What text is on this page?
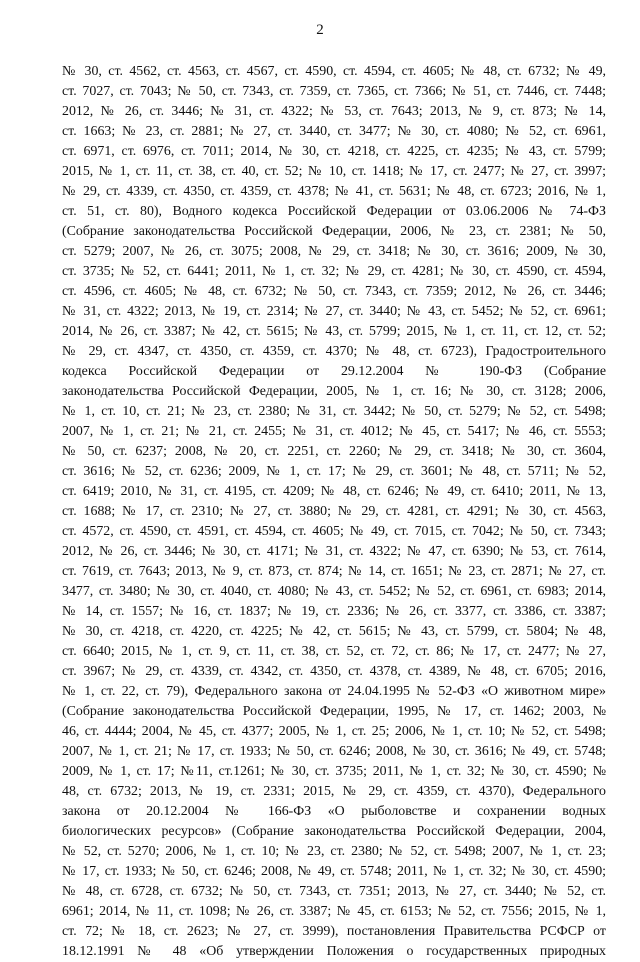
2
№ 30, ст. 4562, ст. 4563, ст. 4567, ст. 4590, ст. 4594, ст. 4605; № 48, ст. 6732; № 49,
ст. 7027, ст. 7043; № 50, ст. 7343, ст. 7359, ст. 7365, ст. 7366; № 51, ст. 7446, ст. 7448;
2012, № 26, ст. 3446; № 31, ст. 4322; № 53, ст. 7643; 2013, № 9, ст. 873; № 14,
ст. 1663; № 23, ст. 2881; № 27, ст. 3440, ст. 3477; № 30, ст. 4080; № 52, ст. 6961,
ст. 6971, ст. 6976, ст. 7011; 2014, № 30, ст. 4218, ст. 4225, ст. 4235; № 43, ст. 5799;
2015, № 1, ст. 11, ст. 38, ст. 40, ст. 52; № 10, ст. 1418; № 17, ст. 2477; № 27, ст. 3997;
№ 29, ст. 4339, ст. 4350, ст. 4359, ст. 4378; № 41, ст. 5631; № 48, ст. 6723; 2016, № 1,
ст. 51, ст. 80), Водного кодекса Российской Федерации от 03.06.2006 № 74-ФЗ
(Собрание законодательства Российской Федерации, 2006, № 23, ст. 2381; № 50,
ст. 5279; 2007, № 26, ст. 3075; 2008, № 29, ст. 3418; № 30, ст. 3616; 2009, № 30,
ст. 3735; № 52, ст. 6441; 2011, № 1, ст. 32; № 29, ст. 4281; № 30, ст. 4590, ст. 4594,
ст. 4596, ст. 4605; № 48, ст. 6732; № 50, ст. 7343, ст. 7359; 2012, № 26, ст. 3446;
№ 31, ст. 4322; 2013, № 19, ст. 2314; № 27, ст. 3440; № 43, ст. 5452; № 52, ст. 6961;
2014, № 26, ст. 3387; № 42, ст. 5615; № 43, ст. 5799; 2015, № 1, ст. 11, ст. 12, ст. 52;
№ 29, ст. 4347, ст. 4350, ст. 4359, ст. 4370; № 48, ст. 6723), Градостроительного
кодекса Российской Федерации от 29.12.2004 № 190-ФЗ (Собрание
законодательства Российской Федерации, 2005, № 1, ст. 16; № 30, ст. 3128; 2006,
№ 1, ст. 10, ст. 21; № 23, ст. 2380; № 31, ст. 3442; № 50, ст. 5279; № 52, ст. 5498;
2007, № 1, ст. 21; № 21, ст. 2455; № 31, ст. 4012; № 45, ст. 5417; № 46, ст. 5553;
№ 50, ст. 6237; 2008, № 20, ст. 2251, ст. 2260; № 29, ст. 3418; № 30, ст. 3604,
ст. 3616; № 52, ст. 6236; 2009, № 1, ст. 17; № 29, ст. 3601; № 48, ст. 5711; № 52,
ст. 6419; 2010, № 31, ст. 4195, ст. 4209; № 48, ст. 6246; № 49, ст. 6410; 2011, № 13,
ст. 1688; № 17, ст. 2310; № 27, ст. 3880; № 29, ст. 4281, ст. 4291; № 30, ст. 4563,
ст. 4572, ст. 4590, ст. 4591, ст. 4594, ст. 4605; № 49, ст. 7015, ст. 7042; № 50, ст. 7343;
2012, № 26, ст. 3446; № 30, ст. 4171; № 31, ст. 4322; № 47, ст. 6390; № 53, ст. 7614,
ст. 7619, ст. 7643; 2013, № 9, ст. 873, ст. 874; № 14, ст. 1651; № 23, ст. 2871; № 27, ст.
3477, ст. 3480; № 30, ст. 4040, ст. 4080; № 43, ст. 5452; № 52, ст. 6961, ст. 6983; 2014,
№ 14, ст. 1557; № 16, ст. 1837; № 19, ст. 2336; № 26, ст. 3377, ст. 3386, ст. 3387;
№ 30, ст. 4218, ст. 4220, ст. 4225; № 42, ст. 5615; № 43, ст. 5799, ст. 5804; № 48,
ст. 6640; 2015, № 1, ст. 9, ст. 11, ст. 38, ст. 52, ст. 72, ст. 86; № 17, ст. 2477; № 27,
ст. 3967; № 29, ст. 4339, ст. 4342, ст. 4350, ст. 4378, ст. 4389, № 48, ст. 6705; 2016,
№ 1, ст. 22, ст. 79), Федерального закона от 24.04.1995 № 52-ФЗ «О животном мире»
(Собрание законодательства Российской Федерации, 1995, № 17, ст. 1462; 2003, №
46, ст. 4444; 2004, № 45, ст. 4377; 2005, № 1, ст. 25; 2006, № 1, ст. 10; № 52, ст. 5498;
2007, № 1, ст. 21; № 17, ст. 1933; № 50, ст. 6246; 2008, № 30, ст. 3616; № 49, ст. 5748;
2009, № 1, ст. 17; №11, ст.1261; № 30, ст. 3735; 2011, № 1, ст. 32; № 30, ст. 4590; №
48, ст. 6732; 2013, № 19, ст. 2331; 2015, № 29, ст. 4359, ст. 4370), Федерального
закона от 20.12.2004 № 166-ФЗ «О рыболовстве и сохранении водных
биологических ресурсов» (Собрание законодательства Российской Федерации, 2004,
№ 52, ст. 5270; 2006, № 1, ст. 10; № 23, ст. 2380; № 52, ст. 5498; 2007, № 1, ст. 23;
№ 17, ст. 1933; № 50, ст. 6246; 2008, № 49, ст. 5748; 2011, № 1, ст. 32; № 30, ст. 4590;
№ 48, ст. 6728, ст. 6732; № 50, ст. 7343, ст. 7351; 2013, № 27, ст. 3440; № 52, ст.
6961; 2014, № 11, ст. 1098; № 26, ст. 3387; № 45, ст. 6153; № 52, ст. 7556; 2015, № 1,
ст. 72; № 18, ст. 2623; № 27, ст. 3999), постановления Правительства РСФСР от
18.12.1991 № 48 «Об утверждении Положения о государственных природных
